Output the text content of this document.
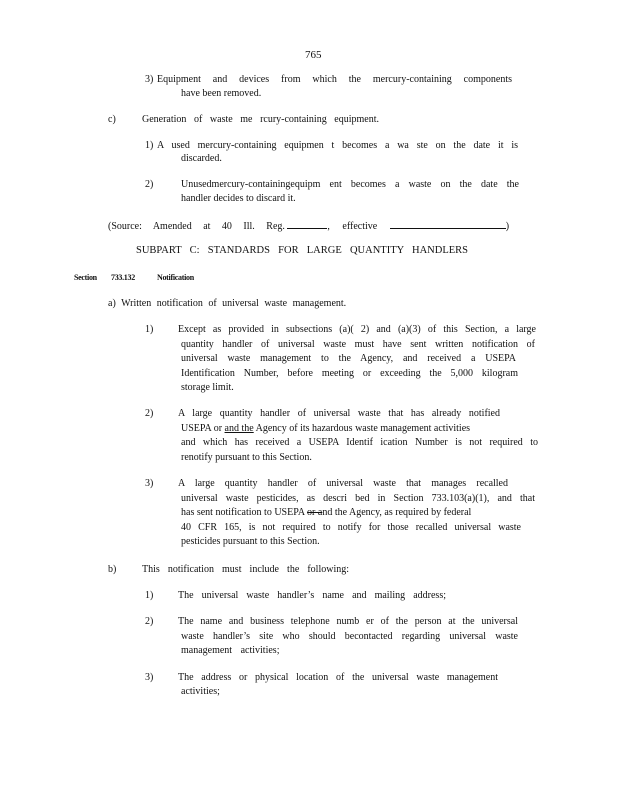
765
3) Equipment and devices from which the mercury-containing components
have been removed.
c)	Generation of waste me rcury-containing equipment.
1) A used mercury-containing equipmen t becomes a wa ste on the date it is
discarded.
2)	Unusedmercury-containingequipm ent becomes a waste on the date the
handler decides to discard it.
(Source: Amended at 40 Ill. Reg.	, effective	)
SUBPART C: STANDARDS FOR LARGE QUANTITY HANDLERS
Section 733.132	Notification
a) Written notification of universal waste management.
1) Except as provided in subsections (a)( 2) and (a)(3) of this Section, a large
quantity handler of universal waste must have sent written notification of
universal waste management to the Agency, and received a USEPA
Identification Number, before meeting or exceeding the 5,000 kilogram
storage limit.
2) A large quantity handler of universal waste that has already notified
USEPA or and the Agency of its hazardous waste management activities
and which has received a USEPA Identif ication Number is not required to
renotify pursuant to this Section.
3) A large quantity handler of universal waste that manages recalled
universal waste pesticides, as descri bed in Section 733.103(a)(1), and that
has sent notification to USEPA or and the Agency, as required by federal
40 CFR 165, is not required to notify for those recalled universal waste
pesticides pursuant to this Section.
b)	This notification must include the following:
1) The universal waste handler’s name and mailing address;
2) The name and business telephone numb er of the person at the universal
waste handler’s site who should becontacted regarding universal waste
management activities;
3) The address or physical location of the universal waste management
activities;
